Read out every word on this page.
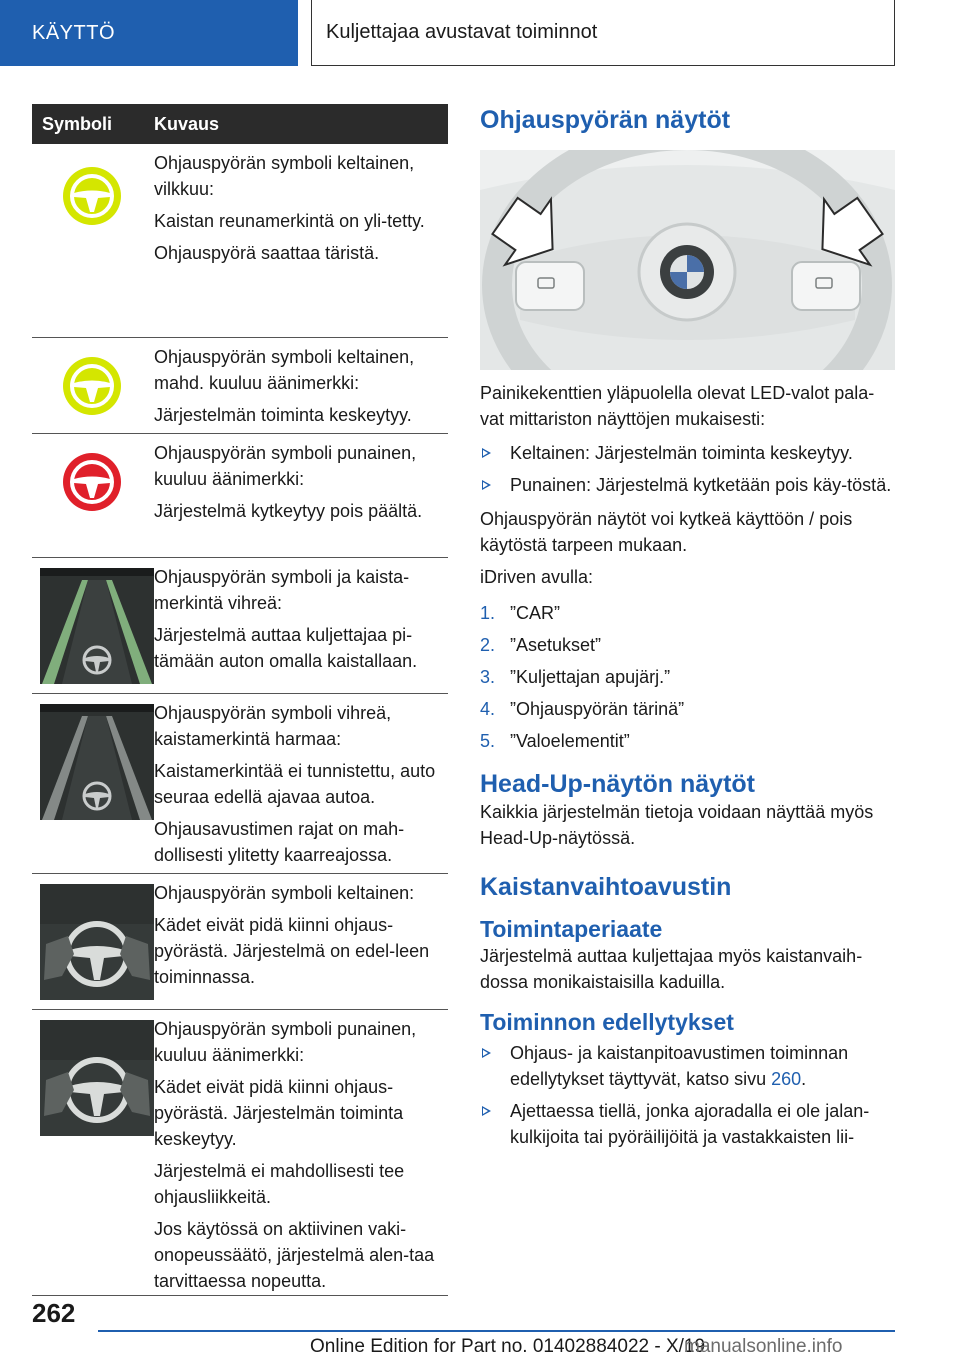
KÄYTTÖ	Kuljettajaa avustavat toiminnot
Symboli	Kuvaus

Ohjauspyörän symboli keltainen, vilkkuu:

Kaistan reunamerkintä on yli-tetty.

Ohjauspyörä saattaa täristä.

Ohjauspyörän symboli keltainen, mahd. kuuluu äänimerkki:

Järjestelmän toiminta keskeytyy.

Ohjauspyörän symboli punainen, kuuluu äänimerkki:

Järjestelmä kytkeytyy pois päältä.

Ohjauspyörän symboli ja kaista-merkintä vihreä:

Järjestelmä auttaa kuljettajaa pi-tämään auton omalla kaistallaan.

Ohjauspyörän symboli vihreä, kaistamerkintä harmaa:

Kaistamerkintää ei tunnistettu, auto seuraa edellä ajavaa autoa.

Ohjausavustimen rajat on mah-dollisesti ylitetty kaarreajossa.

Ohjauspyörän symboli keltainen:

Kädet eivät pidä kiinni ohjaus-pyörästä. Järjestelmä on edel-leen toiminnassa.

Ohjauspyörän symboli punainen, kuuluu äänimerkki:

Kädet eivät pidä kiinni ohjaus-pyörästä. Järjestelmän toiminta keskeytyy.

Järjestelmä ei mahdollisesti tee ohjausliikkeitä.

Jos käytössä on aktiivinen vaki-onopeussäätö, järjestelmä alen-taa tarvittaessa nopeutta.

Ohjauspyörän näytöt

Painikekenttien yläpuolella olevat LED-valot pala-vat mittariston näyttöjen mukaisesti:

Keltainen: Järjestelmän toiminta keskeytyy.
Punainen: Järjestelmä kytketään pois käy-töstä.

Ohjauspyörän näytöt voi kytkeä käyttöön / pois käytöstä tarpeen mukaan.

iDriven avulla:

1. ”CAR”
2. ”Asetukset”
3. ”Kuljettajan apujärj.”
4. ”Ohjauspyörän tärinä”
5. ”Valoelementit”
Head-Up-näytön näytöt

Kaikkia järjestelmän tietoja voidaan näyttää myös Head-Up-näytössä.

Kaistanvaihtoavustin
Toimintaperiaate

Järjestelmä auttaa kuljettajaa myös kaistanvaih-dossa monikaistaisilla kaduilla.

Toiminnon edellytykset
Ohjaus- ja kaistanpitoavustimen toiminnan edellytykset täyttyvät, katso sivu 260.
Ajettaessa tiellä, jonka ajoradalla ei ole jalan-kulkijoita tai pyöräilijöitä ja vastakkaisten lii-
262
Online Edition for Part no. 01402884022 - X/19
manualsonline.info
